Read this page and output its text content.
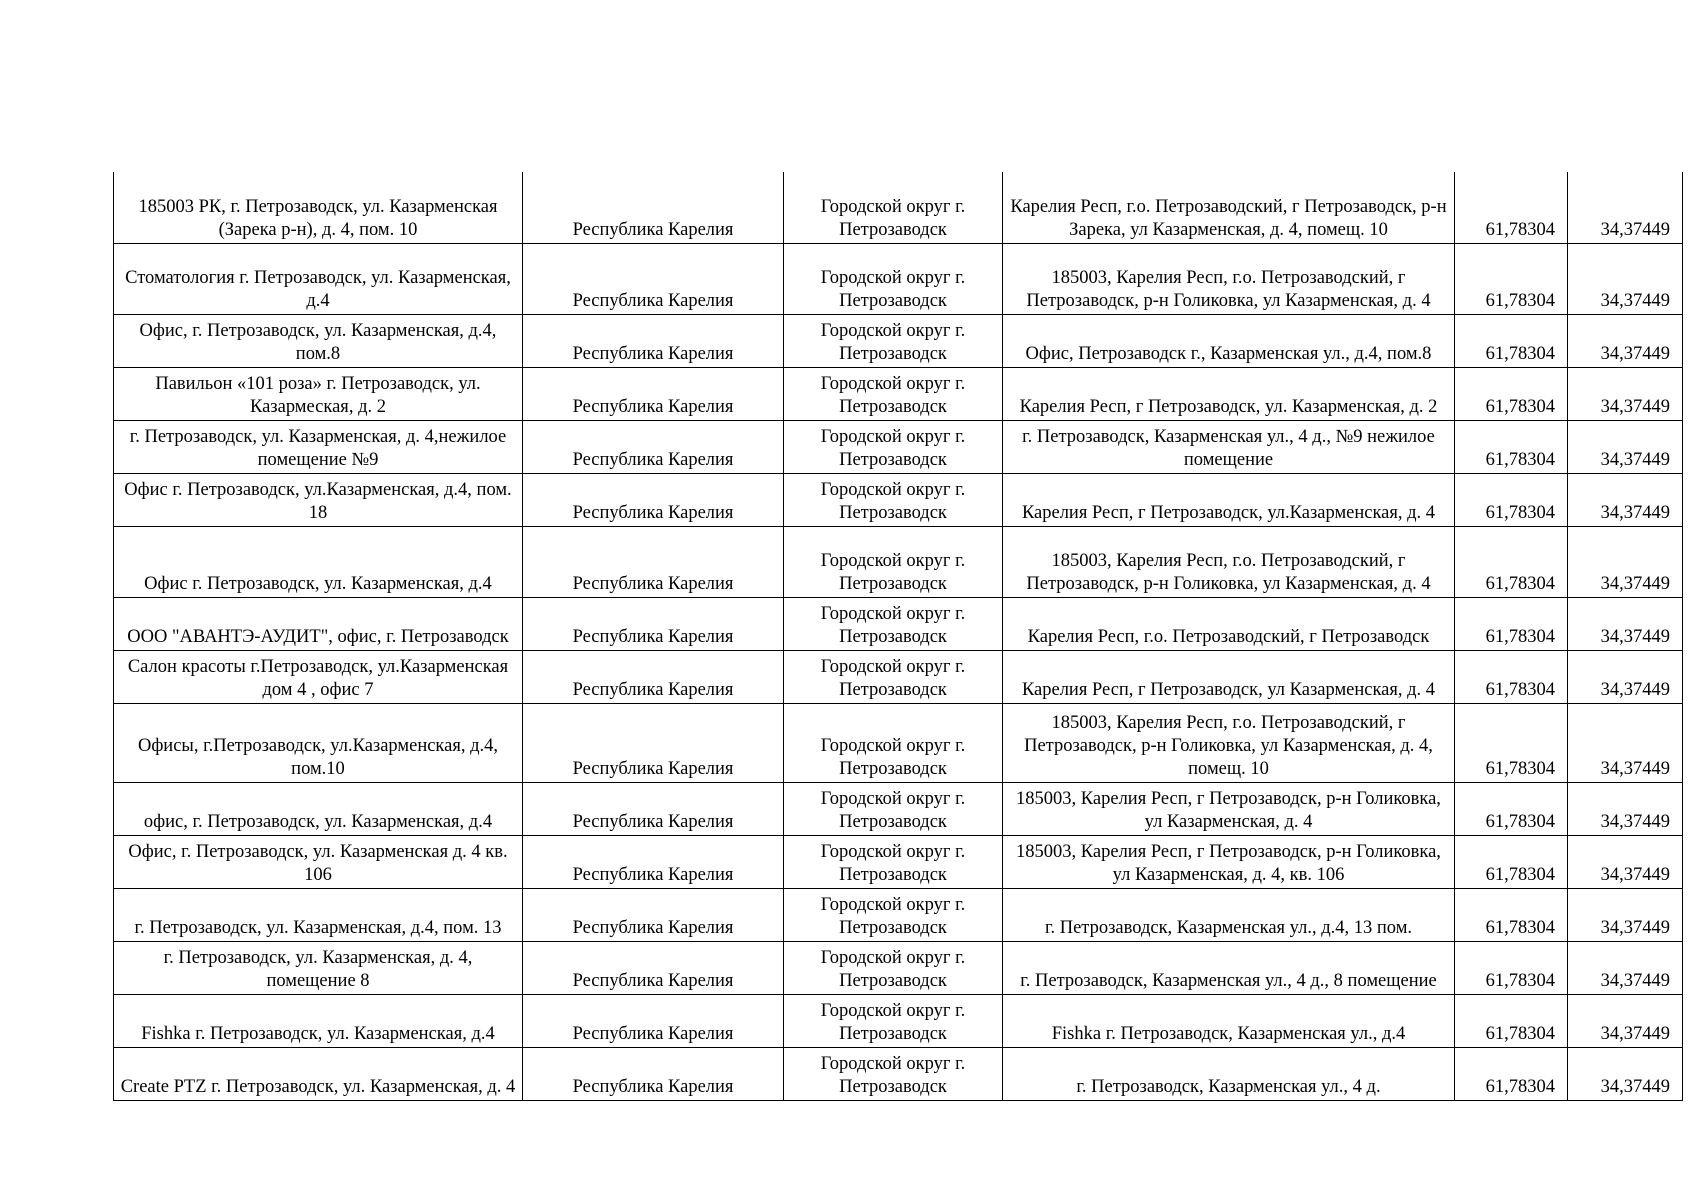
185003 РК, г. Петрозаводск, ул. Казарменская (Зарека р-н), д. 4, пом. 10	Республика Карелия	Городской округ г. Петрозаводск	Карелия Респ, г.о. Петрозаводский, г Петрозаводск, р-н Зарека, ул Казарменская, д. 4, помещ. 10	61,78304	34,37449
Стоматология г. Петрозаводск, ул. Казарменская, д.4	Республика Карелия	Городской округ г. Петрозаводск	185003, Карелия Респ, г.о. Петрозаводский, г Петрозаводск, р-н Голиковка, ул Казарменская, д. 4	61,78304	34,37449
Офис, г. Петрозаводск, ул. Казарменская, д.4, пом.8	Республика Карелия	Городской округ г. Петрозаводск	Офис, Петрозаводск г., Казарменская ул., д.4, пом.8	61,78304	34,37449
Павильон «101 роза» г. Петрозаводск, ул. Казармеская, д. 2	Республика Карелия	Городской округ г. Петрозаводск	Карелия Респ, г Петрозаводск, ул. Казарменская, д. 2	61,78304	34,37449
г. Петрозаводск, ул. Казарменская, д. 4,нежилое помещение №9	Республика Карелия	Городской округ г. Петрозаводск	г. Петрозаводск, Казарменская ул., 4 д., №9 нежилое помещение	61,78304	34,37449
Офис г. Петрозаводск, ул.Казарменская, д.4, пом. 18	Республика Карелия	Городской округ г. Петрозаводск	Карелия Респ, г Петрозаводск, ул.Казарменская, д. 4	61,78304	34,37449
Офис г. Петрозаводск, ул. Казарменская, д.4	Республика Карелия	Городской округ г. Петрозаводск	185003, Карелия Респ, г.о. Петрозаводский, г Петрозаводск, р-н Голиковка, ул Казарменская, д. 4	61,78304	34,37449
ООО "АВАНТЭ-АУДИТ", офис, г. Петрозаводск	Республика Карелия	Городской округ г. Петрозаводск	Карелия Респ, г.о. Петрозаводский, г Петрозаводск	61,78304	34,37449
Салон красоты г.Петрозаводск, ул.Казарменская дом 4 , офис 7	Республика Карелия	Городской округ г. Петрозаводск	Карелия Респ, г Петрозаводск, ул Казарменская, д. 4	61,78304	34,37449
Офисы, г.Петрозаводск, ул.Казарменская, д.4, пом.10	Республика Карелия	Городской округ г. Петрозаводск	185003, Карелия Респ, г.о. Петрозаводский, г Петрозаводск, р-н Голиковка, ул Казарменская, д. 4, помещ. 10	61,78304	34,37449
офис, г. Петрозаводск, ул. Казарменская, д.4	Республика Карелия	Городской округ г. Петрозаводск	185003, Карелия Респ, г Петрозаводск, р-н Голиковка, ул Казарменская, д. 4	61,78304	34,37449
Офис, г. Петрозаводск, ул. Казарменская д. 4 кв. 106	Республика Карелия	Городской округ г. Петрозаводск	185003, Карелия Респ, г Петрозаводск, р-н Голиковка, ул Казарменская, д. 4, кв. 106	61,78304	34,37449
г. Петрозаводск, ул. Казарменская, д.4, пом. 13	Республика Карелия	Городской округ г. Петрозаводск	г. Петрозаводск, Казарменская ул., д.4, 13 пом.	61,78304	34,37449
г. Петрозаводск, ул. Казарменская, д. 4, помещение 8	Республика Карелия	Городской округ г. Петрозаводск	г. Петрозаводск, Казарменская ул., 4 д., 8 помещение	61,78304	34,37449
Fishka г. Петрозаводск, ул. Казарменская, д.4	Республика Карелия	Городской округ г. Петрозаводск	Fishka г. Петрозаводск, Казарменская ул., д.4	61,78304	34,37449
Create PTZ г. Петрозаводск, ул. Казарменская, д. 4	Республика Карелия	Городской округ г. Петрозаводск	г. Петрозаводск, Казарменская ул., 4 д.	61,78304	34,37449
